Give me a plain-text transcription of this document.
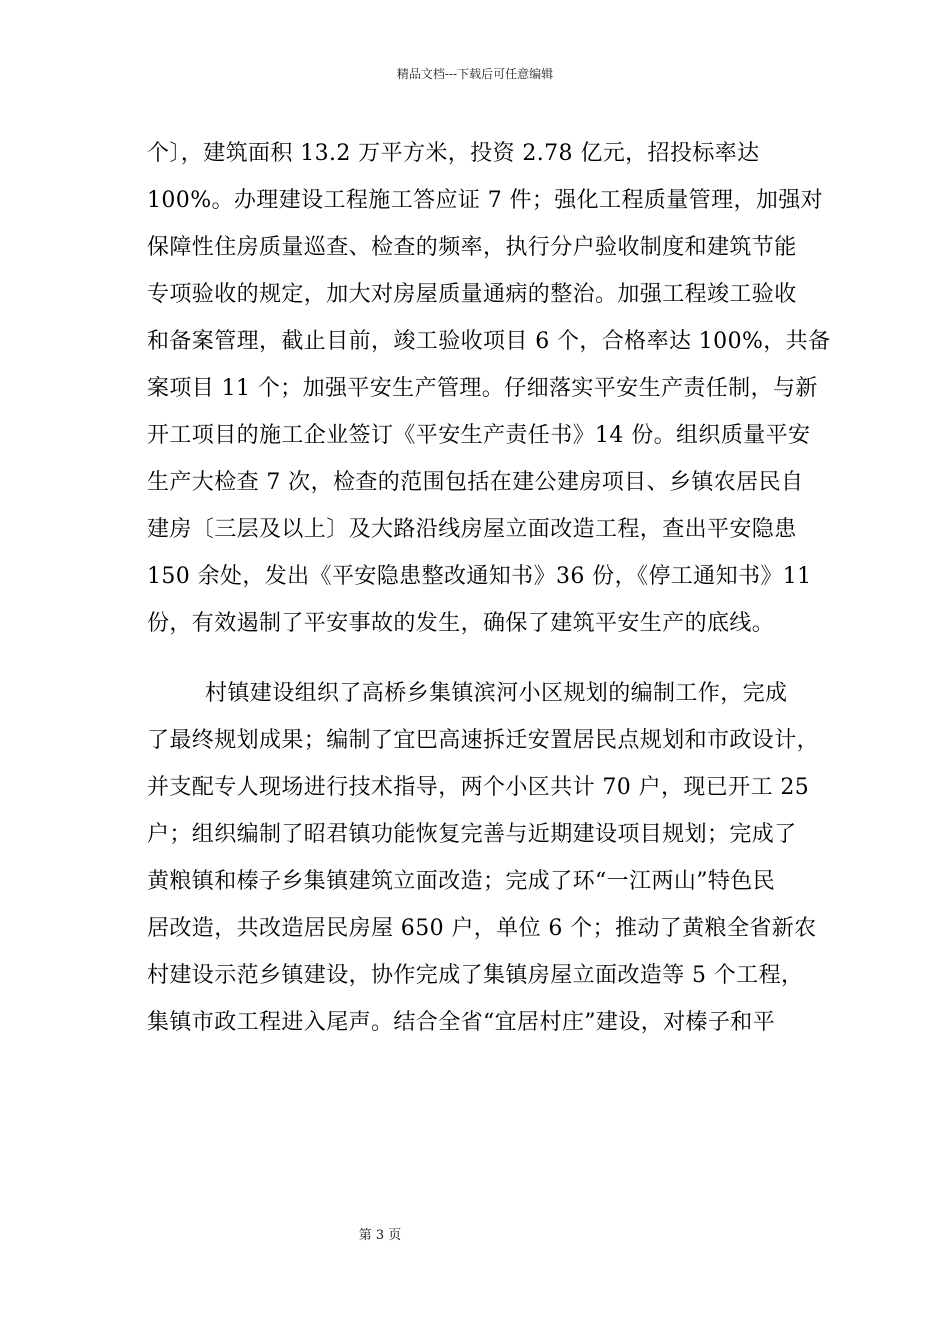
精品文档---下载后可任意编辑
个〕，建筑面积 13.2 万平方米，投资 2.78 亿元，招投标率达
100%。办理建设工程施工答应证 7 件；强化工程质量管理，加强对
保障性住房质量巡查、检查的频率，执行分户验收制度和建筑节能
专项验收的规定，加大对房屋质量通病的整治。加强工程竣工验收
和备案管理，截止目前，竣工验收项目 6 个，合格率达 100%，共备
案项目 11 个；加强平安生产管理。仔细落实平安生产责任制，与新
开工项目的施工企业签订《平安生产责任书》14 份。组织质量平安
生产大检查 7 次，检查的范围包括在建公建房项目、乡镇农居民自
建房〔三层及以上〕及大路沿线房屋立面改造工程，查出平安隐患
150 余处，发出《平安隐患整改通知书》36 份，《停工通知书》11
份，有效遏制了平安事故的发生，确保了建筑平安生产的底线。
村镇建设组织了高桥乡集镇滨河小区规划的编制工作，完成
了最终规划成果；编制了宜巴高速拆迁安置居民点规划和市政设计，
并支配专人现场进行技术指导，两个小区共计 70 户，现已开工 25
户；组织编制了昭君镇功能恢复完善与近期建设项目规划；完成了
黄粮镇和榛子乡集镇建筑立面改造；完成了环“一江两山”特色民
居改造，共改造居民房屋 650 户，单位 6 个；推动了黄粮全省新农
村建设示范乡镇建设，协作完成了集镇房屋立面改造等 5 个工程，
集镇市政工程进入尾声。结合全省“宜居村庄”建设，对榛子和平
第 3 页
